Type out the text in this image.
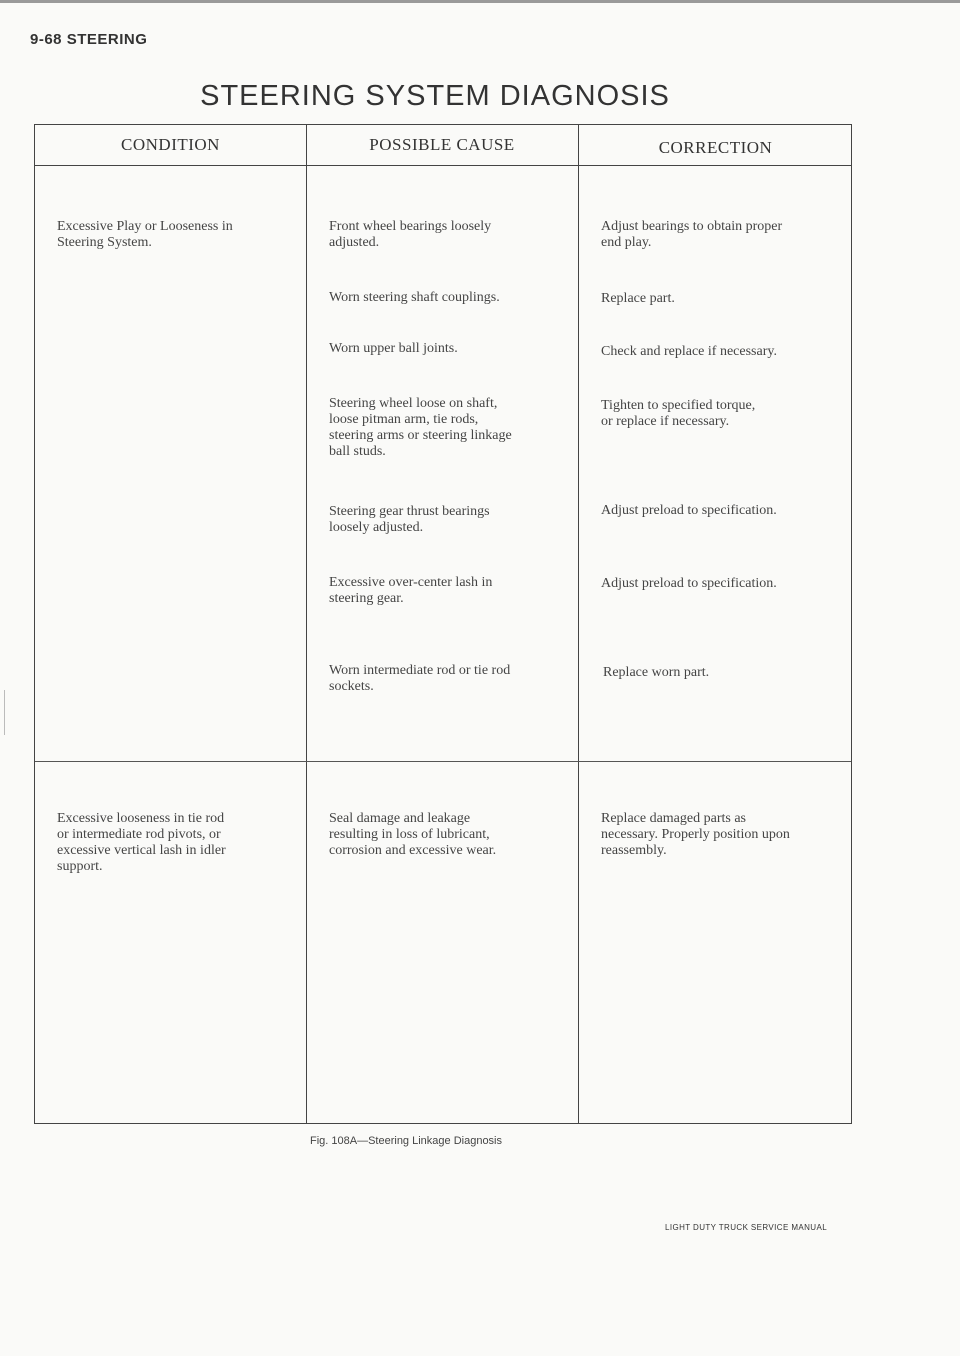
9-68 STEERING
STEERING SYSTEM DIAGNOSIS
CONDITION	POSSIBLE CAUSE	CORRECTION
Excessive Play or Looseness in
Steering System.
Excessive looseness in tie rod
or intermediate rod pivots, or
excessive vertical lash in idler
support.
Front wheel bearings loosely
adjusted.
Worn steering shaft couplings.
Worn upper ball joints.
Steering wheel loose on shaft,
loose pitman arm, tie rods,
steering arms or steering linkage
ball studs.
Steering gear thrust bearings
loosely adjusted.
Excessive over-center lash in
steering gear.
Worn intermediate rod or tie rod
sockets.
Seal damage and leakage
resulting in loss of lubricant,
corrosion and excessive wear.
Adjust bearings to obtain proper
end play.
Replace part.
Check and replace if necessary.
Tighten to specified torque,
or replace if necessary.
Adjust preload to specification.
Adjust preload to specification.
Replace worn part.
Replace damaged parts as
necessary. Properly position upon
reassembly.
Fig. 108A—Steering Linkage Diagnosis
LIGHT DUTY TRUCK SERVICE MANUAL
